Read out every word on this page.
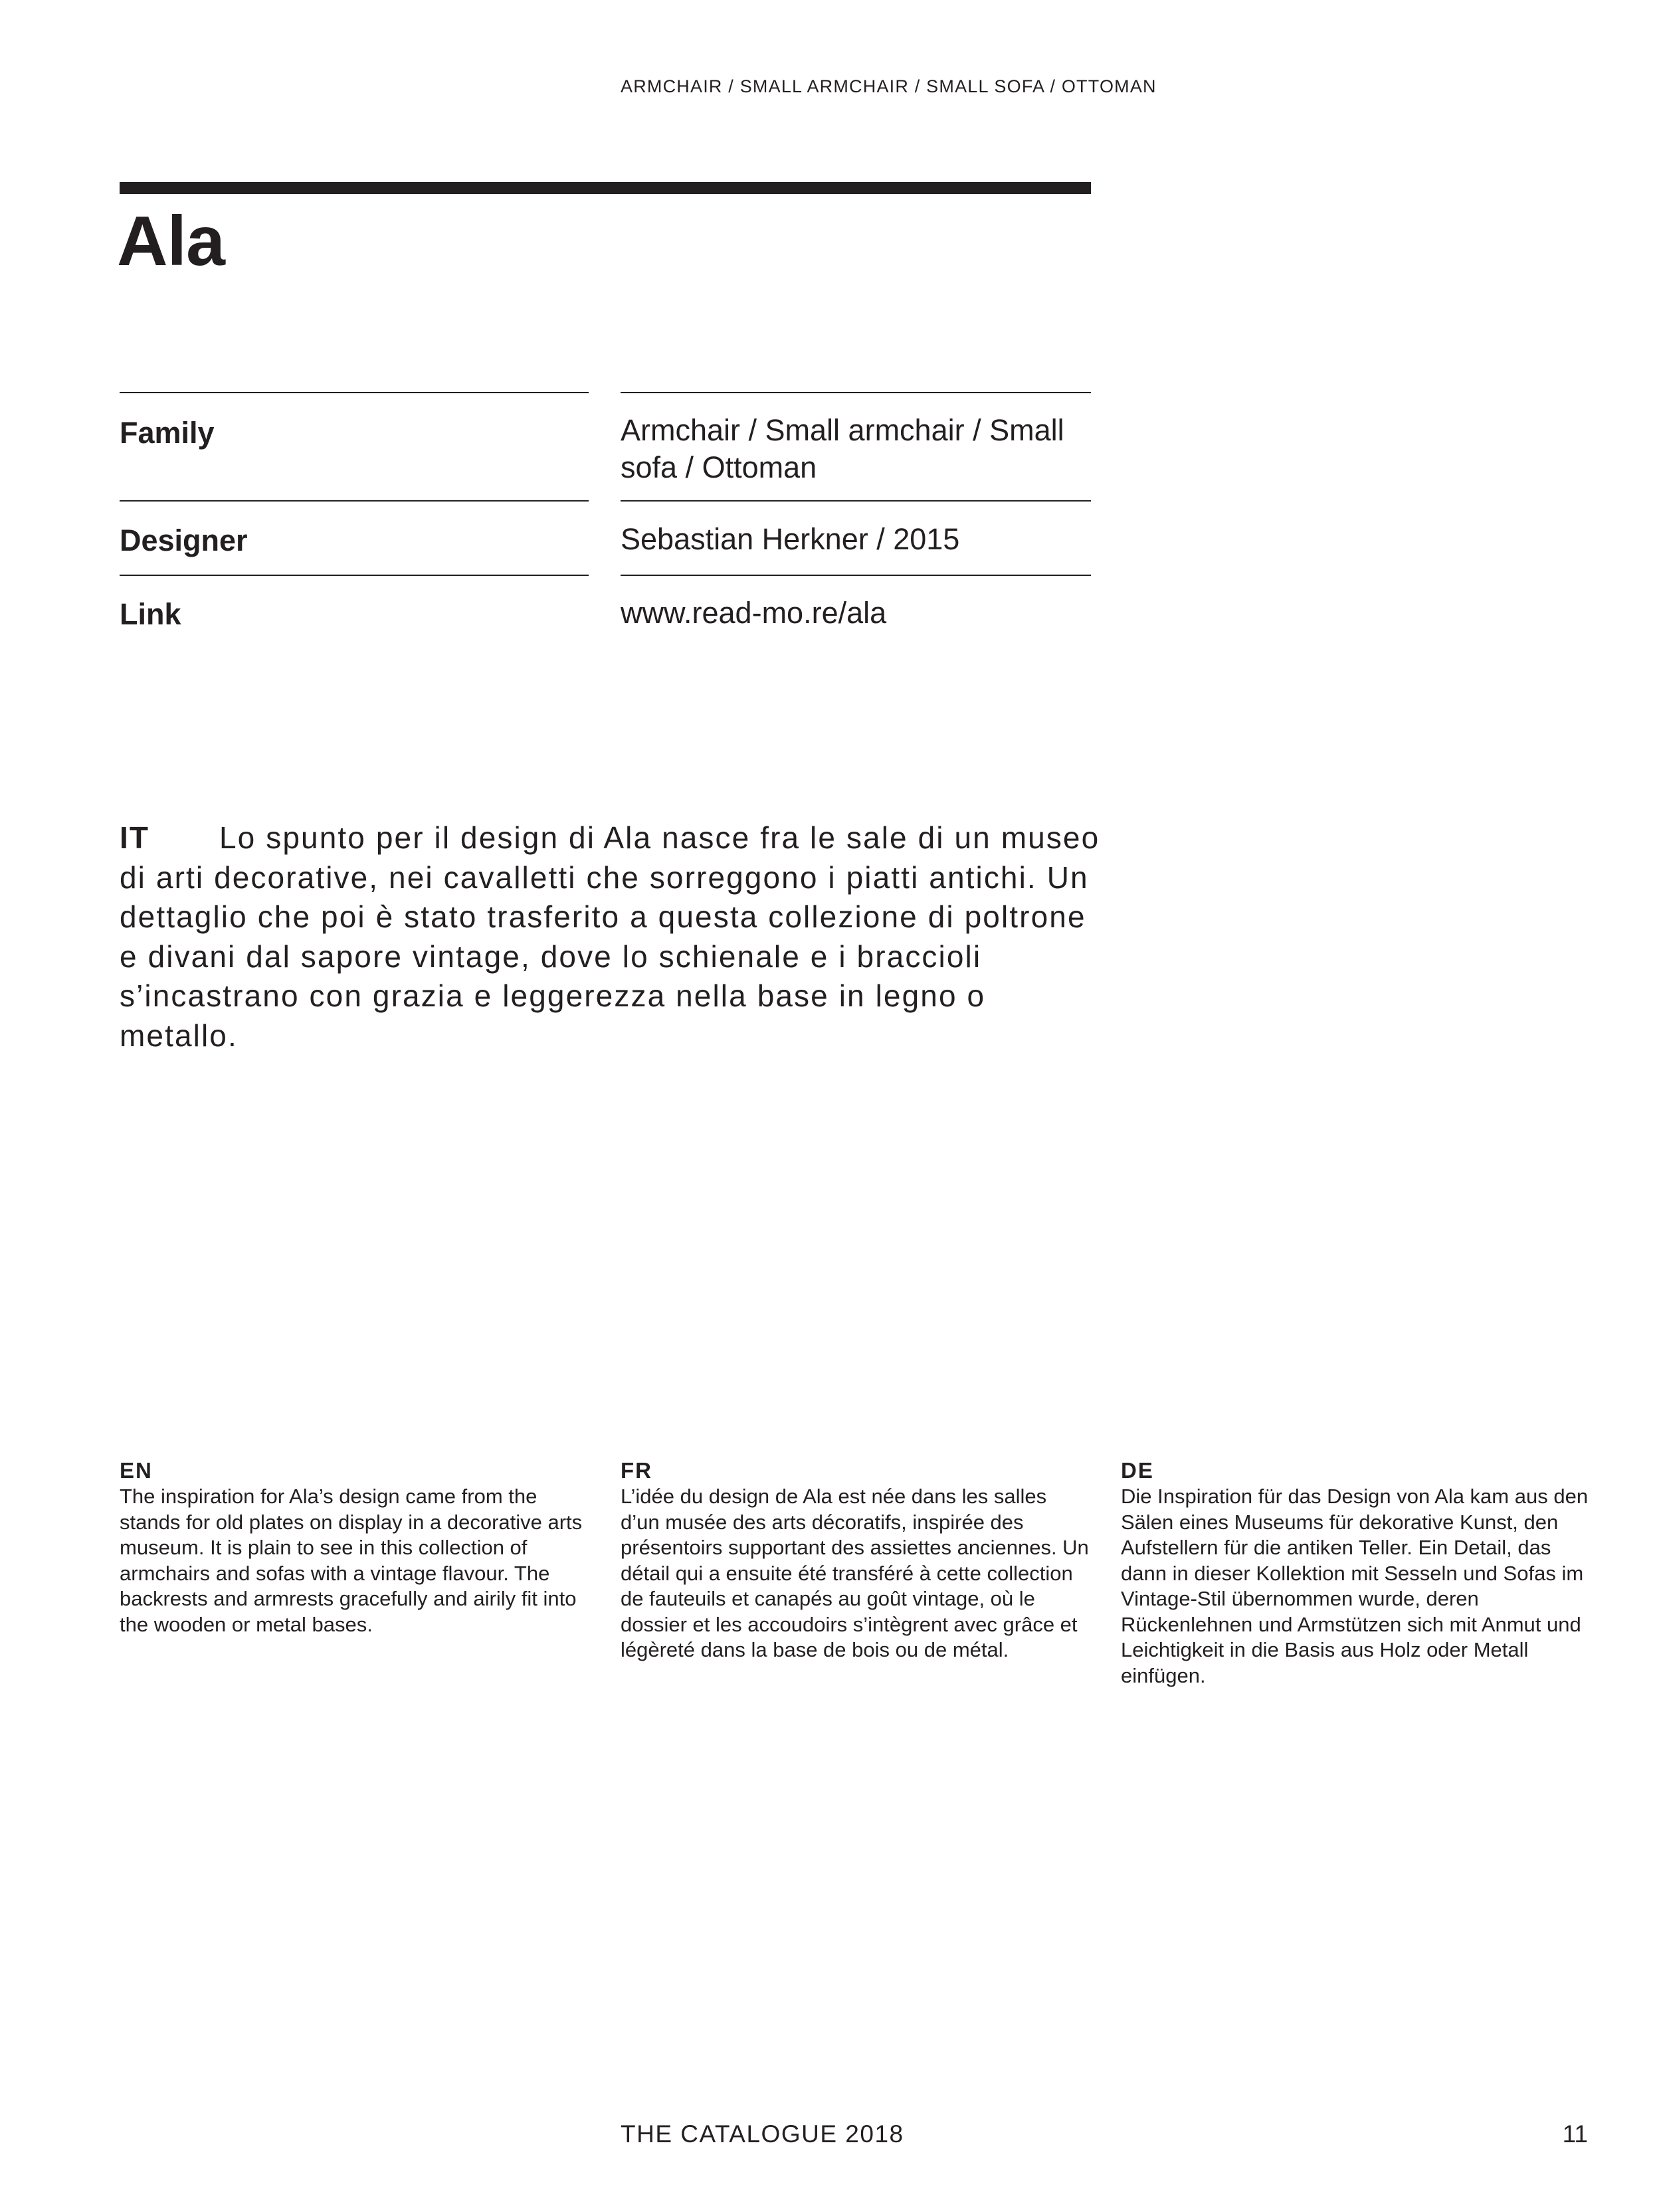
ARMCHAIR / SMALL ARMCHAIR / SMALL SOFA / OTTOMAN
Ala
Family	Armchair / Small armchair / Small sofa / Ottoman
Designer	Sebastian Herkner / 2015
Link	www.read-mo.re/ala
IT Lo spunto per il design di Ala nasce fra le sale di un museo di arti decorative, nei cavalletti che sorreggono i piatti antichi. Un dettaglio che poi è stato trasferito a questa collezione di poltrone e divani dal sapore vintage, dove lo schienale e i braccioli s’incastrano con grazia e leggerezza nella base in legno o metallo.
EN
The inspiration for Ala’s design came from the stands for old plates on display in a decorative arts museum. It is plain to see in this collection of armchairs and sofas with a vintage flavour. The backrests and armrests gracefully and airily fit into the wooden or metal bases.
FR
L’idée du design de Ala est née dans les salles d’un musée des arts décoratifs, inspirée des présentoirs supportant des assiettes anciennes. Un détail qui a ensuite été transféré à cette collection de fauteuils et canapés au goût vintage, où le dossier et les accoudoirs s’intègrent avec grâce et légèreté dans la base de bois ou de métal.
DE
Die Inspiration für das Design von Ala kam aus den Sälen eines Museums für dekorative Kunst, den Aufstellern für die antiken Teller. Ein Detail, das dann in dieser Kollektion mit Sesseln und Sofas im Vintage-Stil übernommen wurde, deren Rückenlehnen und Armstützen sich mit Anmut und Leichtigkeit in die Basis aus Holz oder Metall einfügen.
THE CATALOGUE 2018	11
